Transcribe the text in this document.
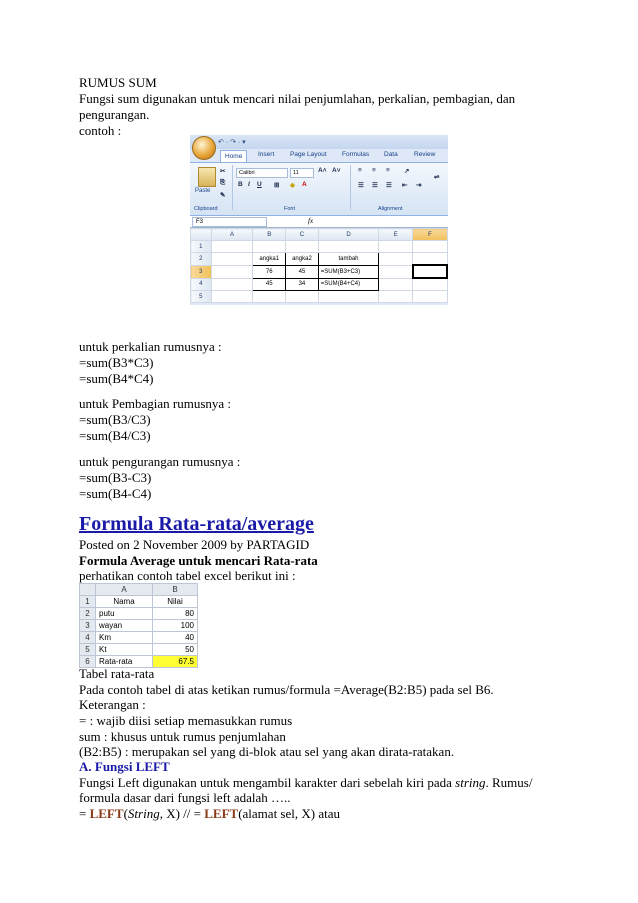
RUMUS SUM
Fungsi sum digunakan untuk mencari nilai penjumlahan, perkalian, pembagian, dan
pengurangan.
contoh :
↶ · ↷ · ▾
Home	Insert Page Layout Formulas Data	Review
Paste
✂
⎘
✎
Calibri	11	A˄ A˅
B I U ⊞ ◈ A
≡ ≡ ≡ ↗
☰ ☰ ☰ ⇤ ⇥
⇌
Clipboard	Font	Alignment
F3	fx
	A	B	C	D	E	F
1						
2		angka1	angka2	tambah		
3		76	45	=SUM(B3+C3)		
4		45	34	=SUM(B4+C4)		
5						
untuk perkalian rumusnya :
=sum(B3*C3)
=sum(B4*C4)
untuk Pembagian rumusnya :
=sum(B3/C3)
=sum(B4/C3)
untuk pengurangan rumusnya :
=sum(B3-C3)
=sum(B4-C4)
Formula Rata-rata/average
Posted on 2 November 2009 by PARTAGID
Formula Average untuk mencari Rata-rata
perhatikan contoh tabel excel berikut ini :
	A	B
1	Nama	Nilai
2	putu	80
3	wayan	100
4	Km	40
5	Kt	50
6	Rata-rata	67.5
Tabel rata-rata
Pada contoh tabel di atas ketikan rumus/formula =Average(B2:B5) pada sel B6.
Keterangan :
= : wajib diisi setiap memasukkan rumus
sum : khusus untuk rumus penjumlahan
(B2:B5) : merupakan sel yang di-blok atau sel yang akan dirata-ratakan.
A. Fungsi LEFT
Fungsi Left digunakan untuk mengambil karakter dari sebelah kiri pada string. Rumus/
formula dasar dari fungsi left adalah …..
= LEFT(String, X) // = LEFT(alamat sel, X) atau
